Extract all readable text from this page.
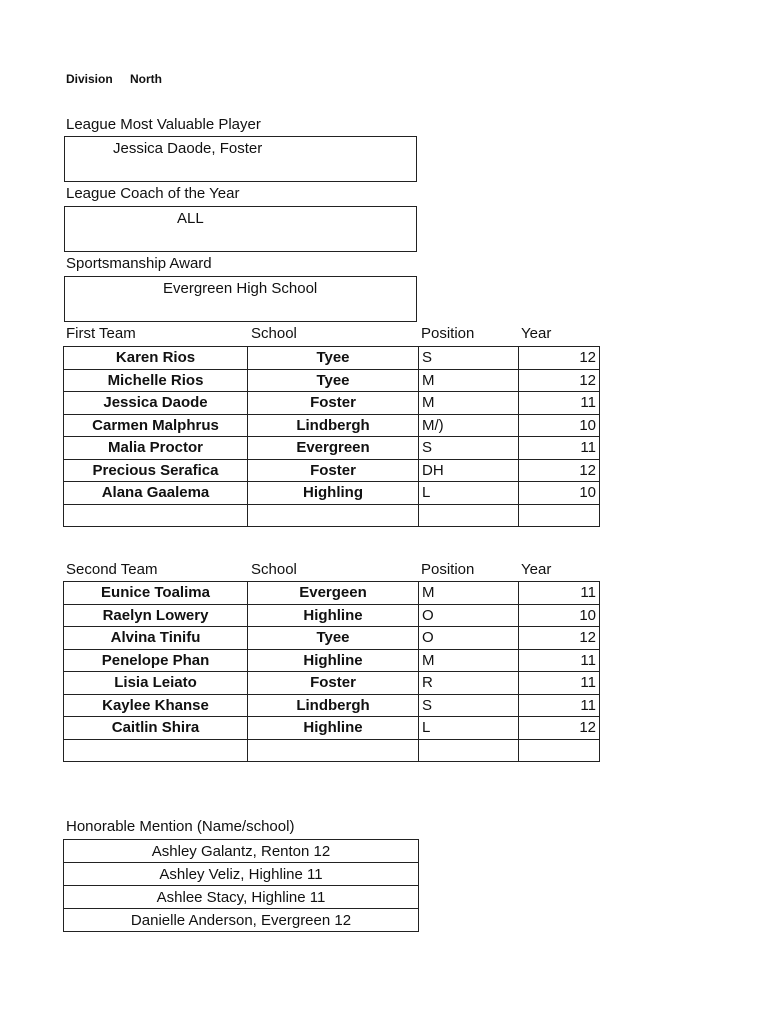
Division North
League Most Valuable Player
Jessica Daode, Foster
League Coach of the Year
ALL
Sportsmanship Award
Evergreen High School
First Team	School	Position	Year
Karen Rios	Tyee	S	12
Michelle Rios	Tyee	M	12
Jessica Daode	Foster	M	11
Carmen Malphrus	Lindbergh	M/)	10
Malia Proctor	Evergreen	S	11
Precious Serafica	Foster	DH	12
Alana Gaalema	Highling	L	10

Second Team	School	Position	Year
Eunice Toalima	Evergeen	M	11
Raelyn Lowery	Highline	O	10
Alvina Tinifu	Tyee	O	12
Penelope Phan	Highline	M	11
Lisia Leiato	Foster	R	11
Kaylee Khanse	Lindbergh	S	11
Caitlin Shira	Highline	L	12

Honorable Mention (Name/school)
Ashley Galantz, Renton 12
Ashley Veliz, Highline 11
Ashlee Stacy, Highline 11
Danielle Anderson, Evergreen 12
